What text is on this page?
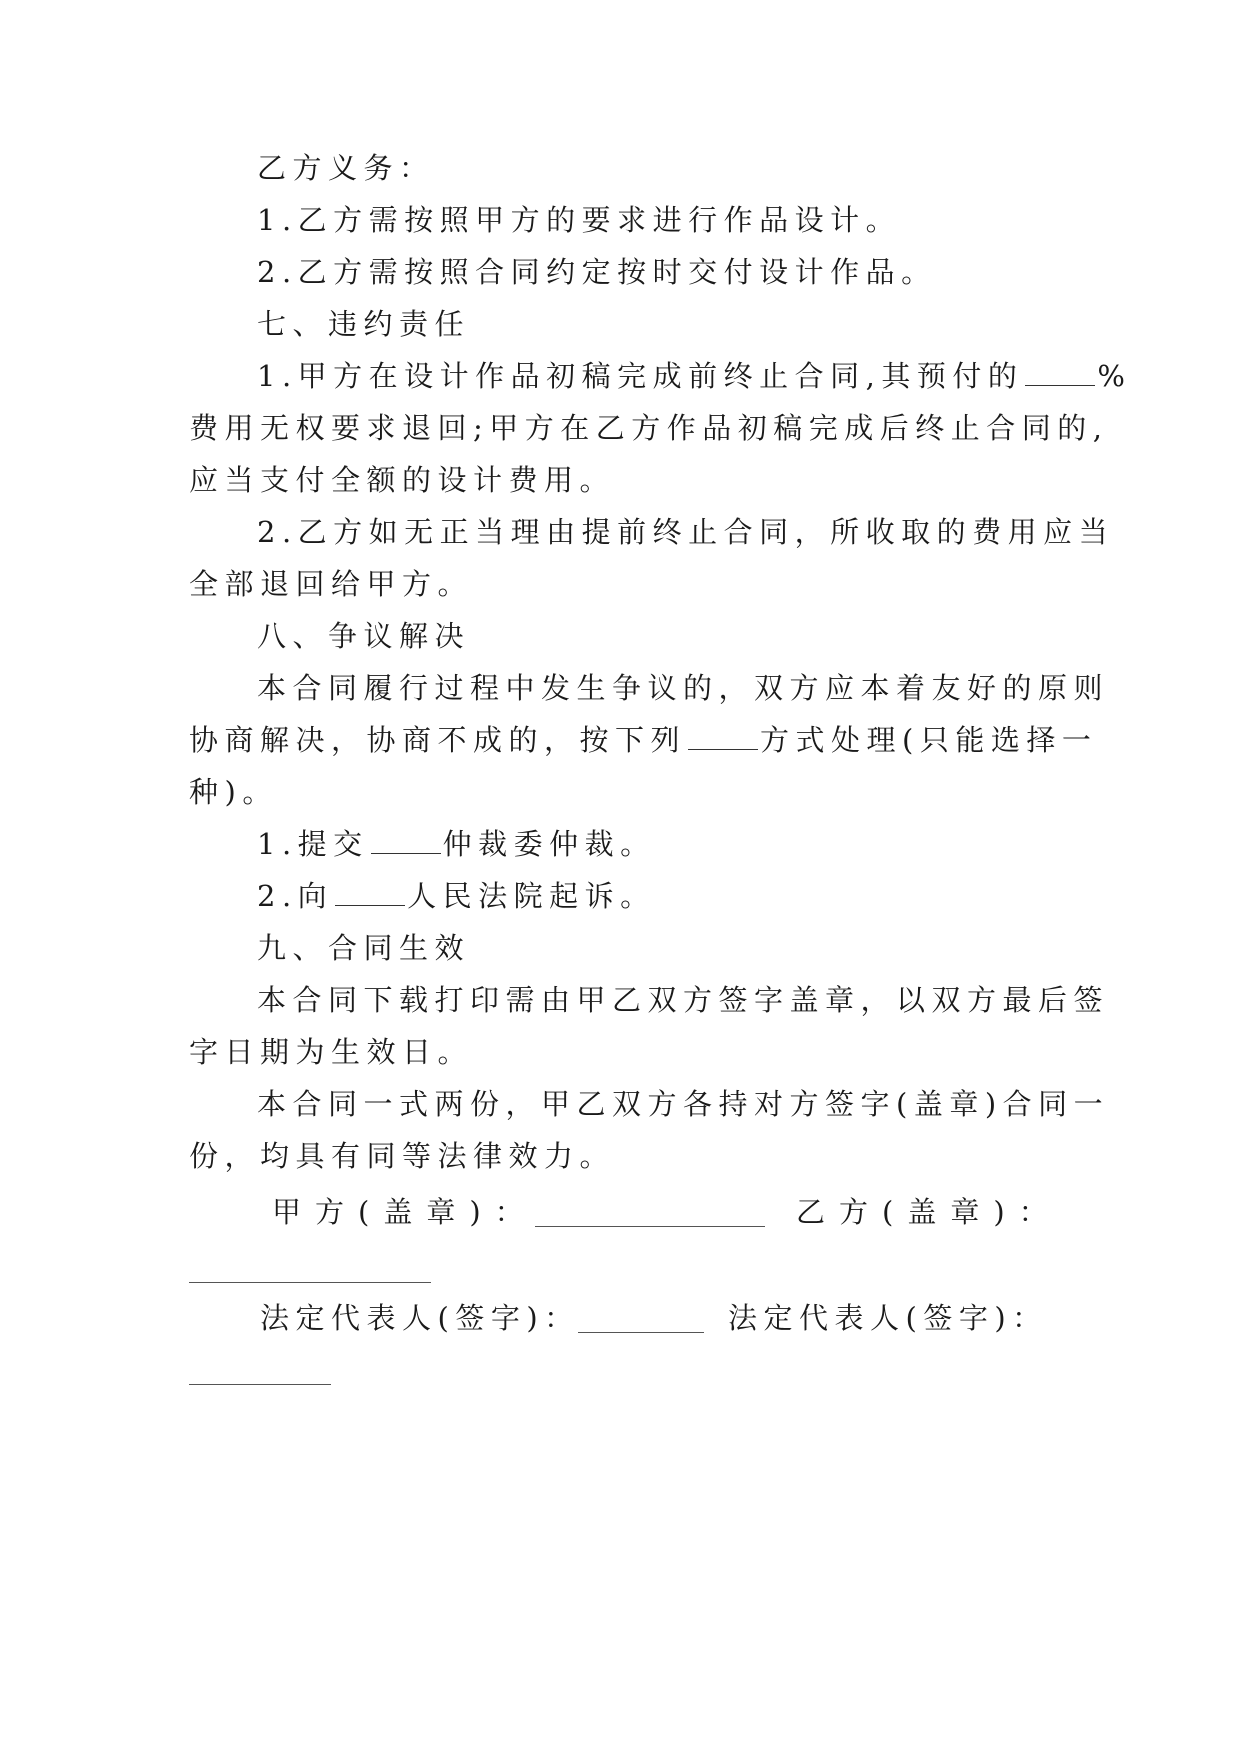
乙方义务：
1.乙方需按照甲方的要求进行作品设计。
2.乙方需按照合同约定按时交付设计作品。
七、违约责任
1.甲方在设计作品初稿完成前终止合同,其预付的	%
费用无权要求退回;甲方在乙方作品初稿完成后终止合同的,
应当支付全额的设计费用。
2.乙方如无正当理由提前终止合同，所收取的费用应当
全部退回给甲方。
八、争议解决
本合同履行过程中发生争议的，双方应本着友好的原则
协商解决，协商不成的，按下列	方式处理(只能选择一
种)。
1.提交	仲裁委仲裁。
2.向	人民法院起诉。
九、合同生效
本合同下载打印需由甲乙双方签字盖章，以双方最后签
字日期为生效日。
本合同一式两份，甲乙双方各持对方签字(盖章)合同一
份，均具有同等法律效力。
甲方(盖章)：	乙方(盖章)：
法定代表人(签字)：	法定代表人(签字)：
